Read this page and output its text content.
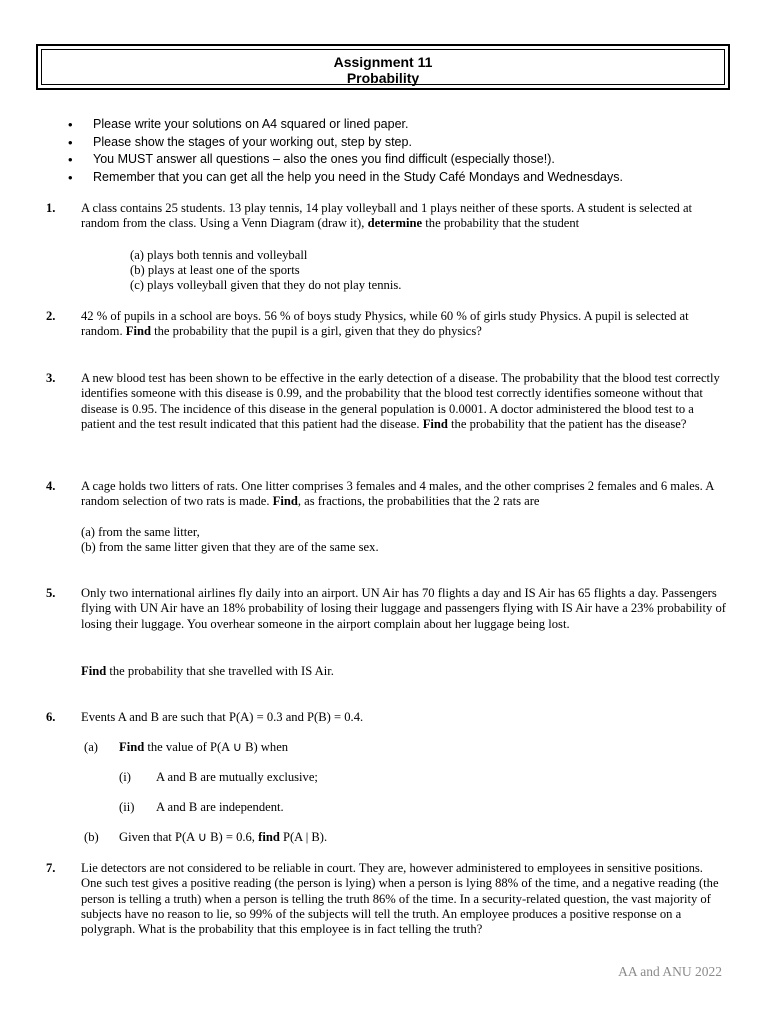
Assignment 11
Probability
• Please write your solutions on A4 squared or lined paper.
• Please show the stages of your working out, step by step.
• You MUST answer all questions – also the ones you find difficult (especially those!).
• Remember that you can get all the help you need in the Study Café Mondays and Wednesdays.
1. A class contains 25 students. 13 play tennis, 14 play volleyball and 1 plays neither of these sports. A student is selected at random from the class. Using a Venn Diagram (draw it), determine the probability that the student
(a) plays both tennis and volleyball
(b) plays at least one of the sports
(c) plays volleyball given that they do not play tennis.
2. 42 % of pupils in a school are boys. 56 % of boys study Physics, while 60 % of girls study Physics. A pupil is selected at random. Find the probability that the pupil is a girl, given that they do physics?
3. A new blood test has been shown to be effective in the early detection of a disease. The probability that the blood test correctly identifies someone with this disease is 0.99, and the probability that the blood test correctly identifies someone without that disease is 0.95. The incidence of this disease in the general population is 0.0001. A doctor administered the blood test to a patient and the test result indicated that this patient had the disease. Find the probability that the patient has the disease?
4. A cage holds two litters of rats. One litter comprises 3 females and 4 males, and the other comprises 2 females and 6 males. A random selection of two rats is made. Find, as fractions, the probabilities that the 2 rats are
(a) from the same litter,
(b) from the same litter given that they are of the same sex.
5. Only two international airlines fly daily into an airport. UN Air has 70 flights a day and IS Air has 65 flights a day. Passengers flying with UN Air have an 18% probability of losing their luggage and passengers flying with IS Air have a 23% probability of losing their luggage. You overhear someone in the airport complain about her luggage being lost.
Find the probability that she travelled with IS Air.
6. Events A and B are such that P(A) = 0.3 and P(B) = 0.4.
(a) Find the value of P(A ∪ B) when
(i) A and B are mutually exclusive;
(ii) A and B are independent.
(b) Given that P(A ∪ B) = 0.6, find P(A | B).
7. Lie detectors are not considered to be reliable in court. They are, however administered to employees in sensitive positions. One such test gives a positive reading (the person is lying) when a person is lying 88% of the time, and a negative reading (the person is telling a truth) when a person is telling the truth 86% of the time. In a security-related question, the vast majority of subjects have no reason to lie, so 99% of the subjects will tell the truth. An employee produces a positive response on a polygraph. What is the probability that this employee is in fact telling the truth?
AA and ANU 2022
